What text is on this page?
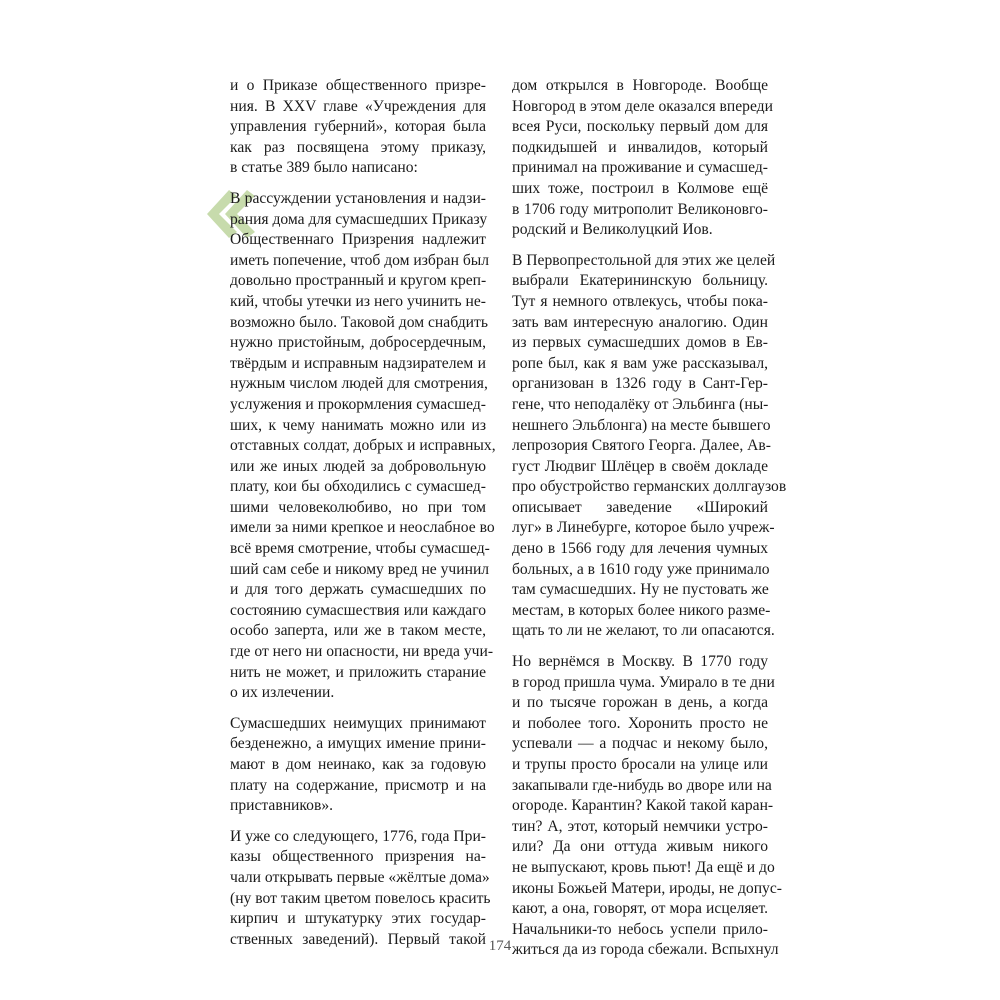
и о Приказе общественного призре-
ния. В XXV главе «Учреждения для
управления губерний», которая была
как раз посвящена этому приказу,
в статье 389 было написано:

В рассуждении установления и надзи-
рания дома для сумасшедших Приказу
Общественнаго Призрения надлежит
иметь попечение, чтоб дом избран был
довольно пространный и кругом креп-
кий, чтобы утечки из него учинить не-
возможно было. Таковой дом снабдить
нужно пристойным, добросердечным,
твёрдым и исправным надзирателем и
нужным числом людей для смотрения,
услужения и прокормления сумасшед-
ших, к чему нанимать можно или из
отставных солдат, добрых и исправных,
или же иных людей за добровольную
плату, кои бы обходились с сумасшед-
шими человеколюбиво, но при том
имели за ними крепкое и неослабное во
всё время смотрение, чтобы сумасшед-
ший сам себе и никому вред не учинил
и для того держать сумасшедших по
состоянию сумасшествия или каждаго
особо заперта, или же в таком месте,
где от него ни опасности, ни вреда учи-
нить не может, и приложить старание
о их излечении.

Сумасшедших неимущих принимают
безденежно, а имущих имение прини-
мают в дом неинако, как за годовую
плату на содержание, присмотр и на
приставников».

И уже со следующего, 1776, года При-
казы общественного призрения на-
чали открывать первые «жёлтые дома»
(ну вот таким цветом повелось красить
кирпич и штукатурку этих государ-
ственных заведений). Первый такой

дом открылся в Новгороде. Вообще
Новгород в этом деле оказался впереди
всея Руси, поскольку первый дом для
подкидышей и инвалидов, который
принимал на проживание и сумасшед-
ших тоже, построил в Колмове ещё
в 1706 году митрополит Великоновго-
родский и Великолуцкий Иов.

В Первопрестольной для этих же целей
выбрали Екатерининскую больницу.
Тут я немного отвлекусь, чтобы пока-
зать вам интересную аналогию. Один
из первых сумасшедших домов в Ев-
ропе был, как я вам уже рассказывал,
организован в 1326 году в Сант-Гер-
генe, что неподалёку от Эльбинга (ны-
нешнего Эльблонга) на месте бывшего
лепрозория Святого Георга. Далее, Ав-
густ Людвиг Шлёцер в своём докладе
про обустройство германских доллгаузов
описывает заведение «Широкий
луг» в Линебурге, которое было учреж-
дено в 1566 году для лечения чумных
больных, а в 1610 году уже принимало
там сумасшедших. Ну не пустовать же
местам, в которых более никого разме-
щать то ли не желают, то ли опасаются.

Но вернёмся в Москву. В 1770 году
в город пришла чума. Умирало в те дни
и по тысяче горожан в день, а когда
и поболее того. Хоронить просто не
успевали — а подчас и некому было,
и трупы просто бросали на улице или
закапывали где-нибудь во дворе или на
огороде. Карантин? Какой такой каран-
тин? А, этот, который немчики устро-
или? Да они оттуда живым никого
не выпускают, кровь пьют! Да ещё и до
иконы Божьей Матери, ироды, не допус-
кают, а она, говорят, от мора исцеляет.
Начальники-то небось успели прило-
житься да из города сбежали. Вспыхнул

174
